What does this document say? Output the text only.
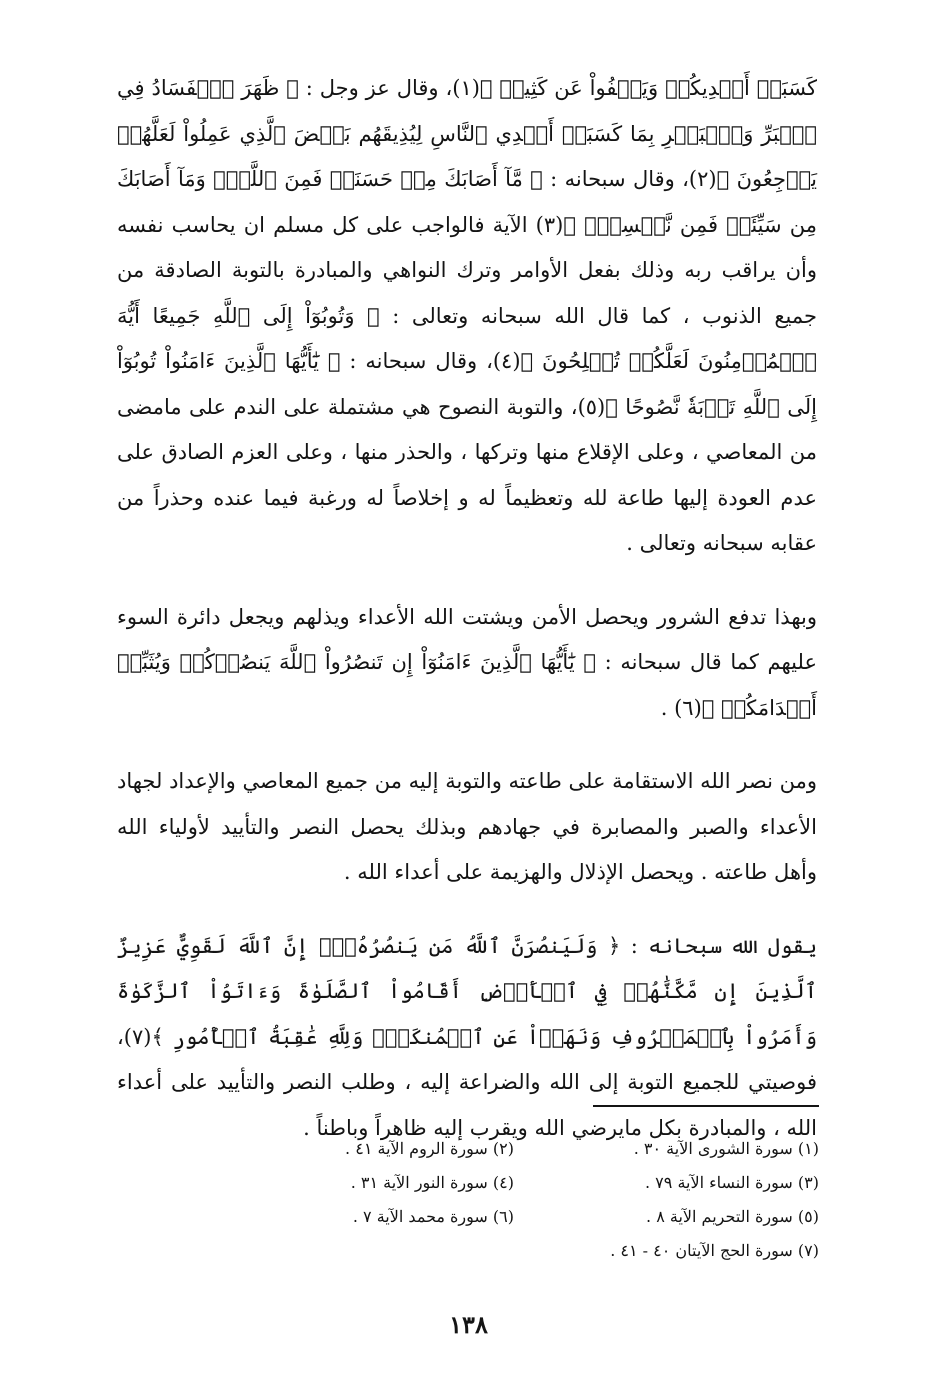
كَسَبَتۡ أَيۡدِيكُمۡ وَيَعۡفُواْ عَن كَثِيرٖ ﴾(١)، وقال عز وجل : ﴿ ظَهَرَ ٱلۡفَسَادُ فِي ٱلۡبَرِّ وَٱلۡبَحۡرِ بِمَا كَسَبَتۡ أَيۡدِي ٱلنَّاسِ لِيُذِيقَهُم بَعۡضَ ٱلَّذِي عَمِلُواْ لَعَلَّهُمۡ يَرۡجِعُونَ ﴾(٢)، وقال سبحانه : ﴿ مَّآ أَصَابَكَ مِنۡ حَسَنَةٖ فَمِنَ ٱللَّهِۖ وَمَآ أَصَابَكَ مِن سَيِّئَةٖ فَمِن نَّفۡسِكَۚ ﴾(٣) الآية فالواجب على كل مسلم ان يحاسب نفسه وأن يراقب ربه وذلك بفعل الأوامر وترك النواهي والمبادرة بالتوبة الصادقة من جميع الذنوب ، كما قال الله سبحانه وتعالى : ﴿ وَتُوبُوٓاْ إِلَى ٱللَّهِ جَمِيعًا أَيُّهَ ٱلۡمُؤۡمِنُونَ لَعَلَّكُمۡ تُفۡلِحُونَ ﴾(٤)، وقال سبحانه : ﴿ يَٰٓأَيُّهَا ٱلَّذِينَ ءَامَنُواْ تُوبُوٓاْ إِلَى ٱللَّهِ تَوۡبَةٗ نَّصُوحًا ﴾(٥)، والتوبة النصوح هي مشتملة على الندم على مامضى من المعاصي ، وعلى الإقلاع منها وتركها ، والحذر منها ، وعلى العزم الصادق على عدم العودة إليها طاعة لله وتعظيماً له و إخلاصاً له ورغبة فيما عنده وحذراً من عقابه سبحانه وتعالى .

وبهذا تدفع الشرور ويحصل الأمن ويشتت الله الأعداء ويذلهم ويجعل دائرة السوء عليهم كما قال سبحانه : ﴿ يَٰٓأَيُّهَا ٱلَّذِينَ ءَامَنُوٓاْ إِن تَنصُرُواْ ٱللَّهَ يَنصُرۡكُمۡ وَيُثَبِّتۡ أَقۡدَامَكُمۡ ﴾(٦) .

ومن نصر الله الاستقامة على طاعته والتوبة إليه من جميع المعاصي والإعداد لجهاد الأعداء والصبر والمصابرة في جهادهم وبذلك يحصل النصر والتأييد لأولياء الله وأهل طاعته . ويحصل الإذلال والهزيمة على أعداء الله .

يقول الله سبحانه : ﴿ وَلَيَنصُرَنَّ ٱللَّهُ مَن يَنصُرُهُۥٓۚ إِنَّ ٱللَّهَ لَقَوِيٌّ عَزِيزٌ ٱلَّذِينَ إِن مَّكَّنَّٰهُمۡ فِي ٱلۡأَرۡضِ أَقَامُواْ ٱلصَّلَوٰةَ وَءَاتَوُاْ ٱلزَّكَوٰةَ وَأَمَرُواْ بِٱلۡمَعۡرُوفِ وَنَهَوۡاْ عَنِ ٱلۡمُنكَرِۗ وَلِلَّهِ عَٰقِبَةُ ٱلۡأُمُورِ ﴾(٧)، فوصيتي للجميع التوبة إلى الله والضراعة إليه ، وطلب النصر والتأييد على أعداء الله ، والمبادرة بكل مايرضي الله ويقرب إليه ظاهراً وباطناً .

(١) سورة الشورى الآية ٣٠ .
(٢) سورة الروم الآية ٤١ .
(٣) سورة النساء الآية ٧٩ .
(٤) سورة النور الآية ٣١ .
(٥) سورة التحريم الآية ٨ .
(٦) سورة محمد الآية ٧ .
(٧) سورة الحج الآيتان ٤٠ - ٤١ .
١٣٨
